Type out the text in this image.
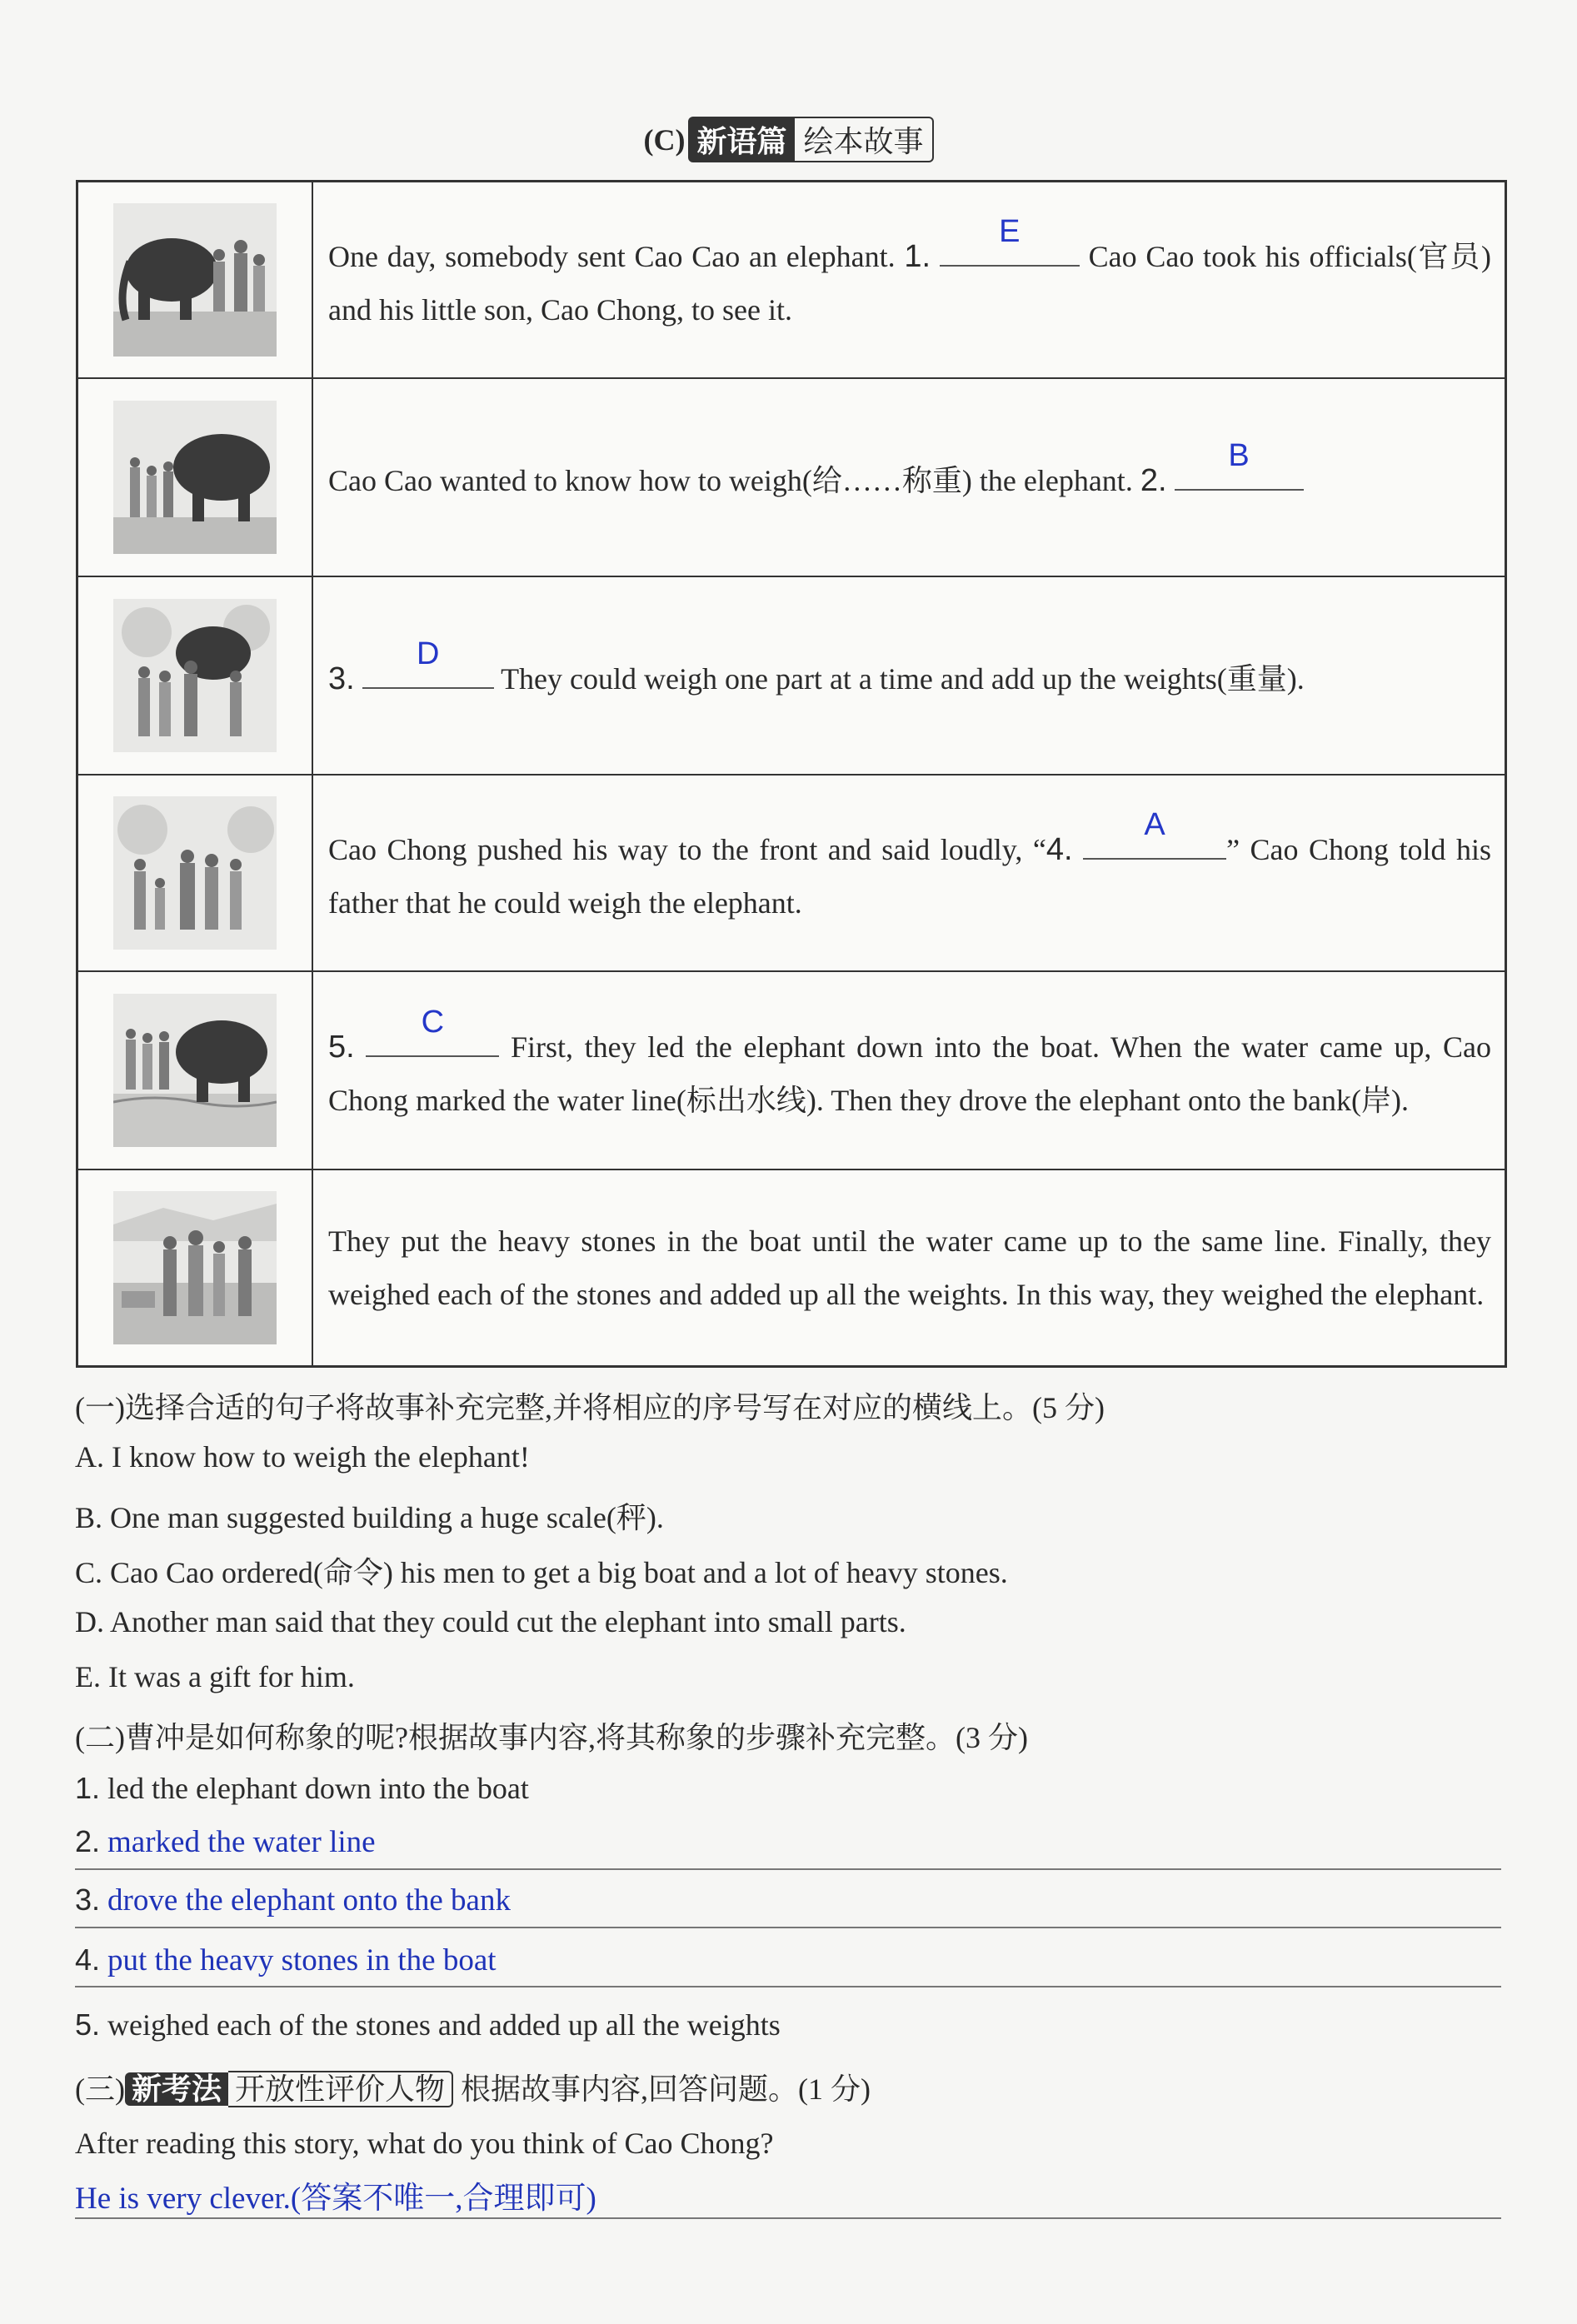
(C) 新语篇 绘本故事
One day, somebody sent Cao Cao an elephant. 1.
E
Cao Cao took his officials(官员) and his little son, Cao Chong, to see it.
Cao Cao wanted to know how to weigh(给……称重) the elephant. 2.
B
3.
D
They could weigh one part at a time and add up the weights(重量).
Cao Chong pushed his way to the front and said loudly, “4.
A
” Cao Chong told his father that he could weigh the elephant.
5.
C
First, they led the elephant down into the boat. When the water came up, Cao Chong marked the water line(标出水线). Then they drove the elephant onto the bank(岸).
They put the heavy stones in the boat until the water came up to the same line. Finally, they weighed each of the stones and added up all the weights. In this way, they weighed the elephant.
(一)选择合适的句子将故事补充完整,并将相应的序号写在对应的横线上。(5 分)
A. I know how to weigh the elephant!
B. One man suggested building a huge scale(秤).
C. Cao Cao ordered(命令) his men to get a big boat and a lot of heavy stones.
D. Another man said that they could cut the elephant into small parts.
E. It was a gift for him.
(二)曹冲是如何称象的呢?根据故事内容,将其称象的步骤补充完整。(3 分)
1. led the elephant down into the boat
2. marked the water line
3. drove the elephant onto the bank
4. put the heavy stones in the boat
5. weighed each of the stones and added up all the weights
(三) 新考法 开放性评价人物 根据故事内容,回答问题。(1 分)
After reading this story, what do you think of Cao Chong?
He is very clever.(答案不唯一,合理即可)
